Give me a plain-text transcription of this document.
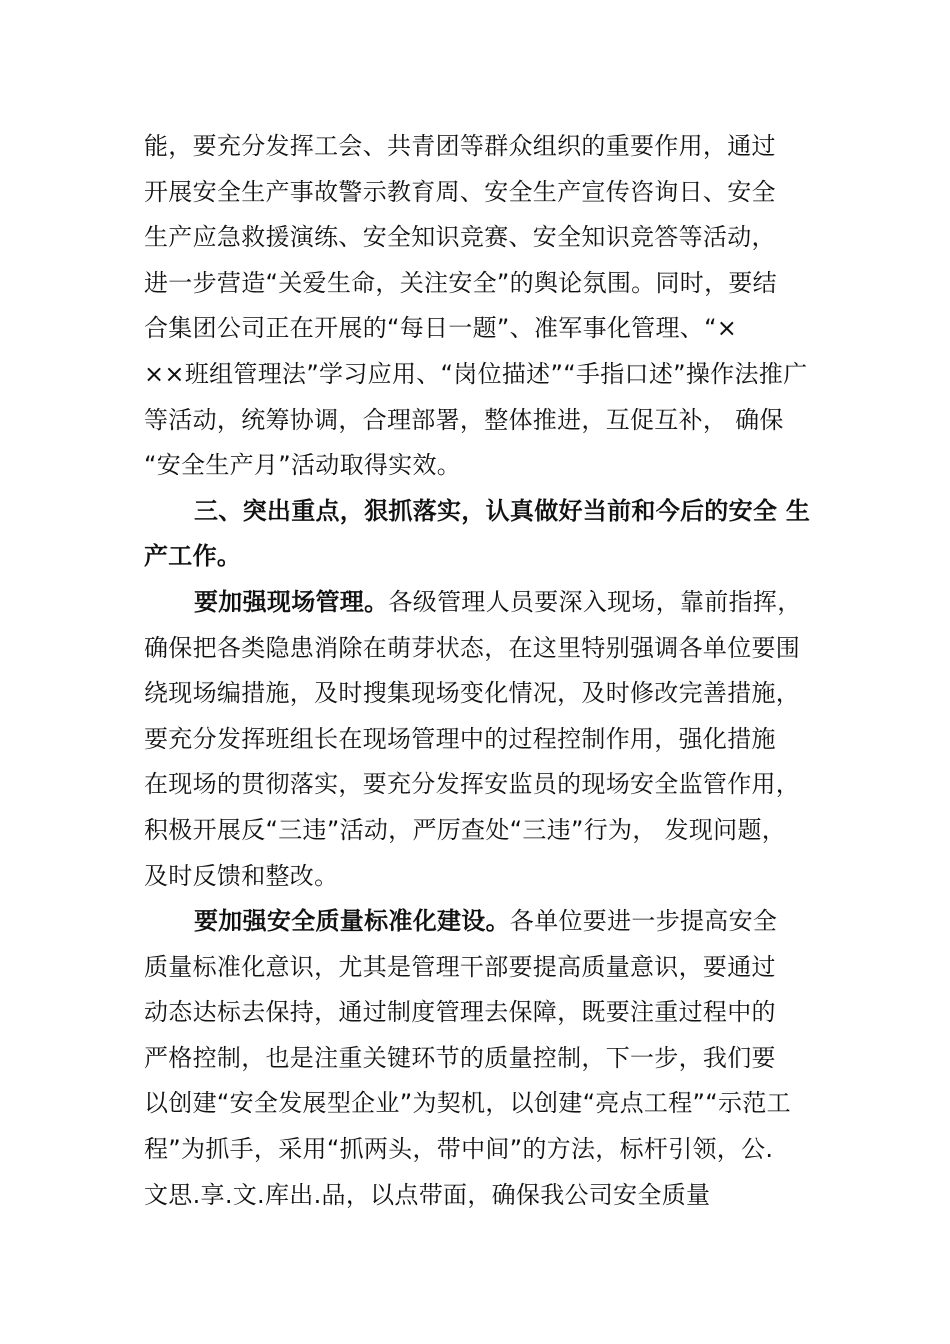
能，要充分发挥工会、共青团等群众组织的重要作用，通过
开展安全生产事故警示教育周、安全生产宣传咨询日、安全
生产应急救援演练、安全知识竞赛、安全知识竞答等活动，
进一步营造“关爱生命，关注安全”的舆论氛围。同时，要结
合集团公司正在开展的“每日一题”、准军事化管理、“×
××班组管理法”学习应用、“岗位描述”“手指口述”操作法推广
等活动，统筹协调，合理部署，整体推进，互促互补， 确保
“安全生产月”活动取得实效。
三、突出重点，狠抓落实，认真做好当前和今后的安全 生
产工作。
要加强现场管理。各级管理人员要深入现场，靠前指挥，
确保把各类隐患消除在萌芽状态，在这里特别强调各单位要围
绕现场编措施，及时搜集现场变化情况，及时修改完善措施，
要充分发挥班组长在现场管理中的过程控制作用，强化措施
在现场的贯彻落实，要充分发挥安监员的现场安全监管作用，
积极开展反“三违”活动，严厉查处“三违”行为， 发现问题，
及时反馈和整改。
要加强安全质量标准化建设。各单位要进一步提高安全
质量标准化意识，尤其是管理干部要提高质量意识，要通过
动态达标去保持，通过制度管理去保障，既要注重过程中的
严格控制，也是注重关键环节的质量控制，下一步，我们要
以创建“安全发展型企业”为契机，以创建“亮点工程”“示范工
程”为抓手，采用“抓两头，带中间”的方法，标杆引领，公.
文思.享.文.库出.品，以点带面，确保我公司安全质量
